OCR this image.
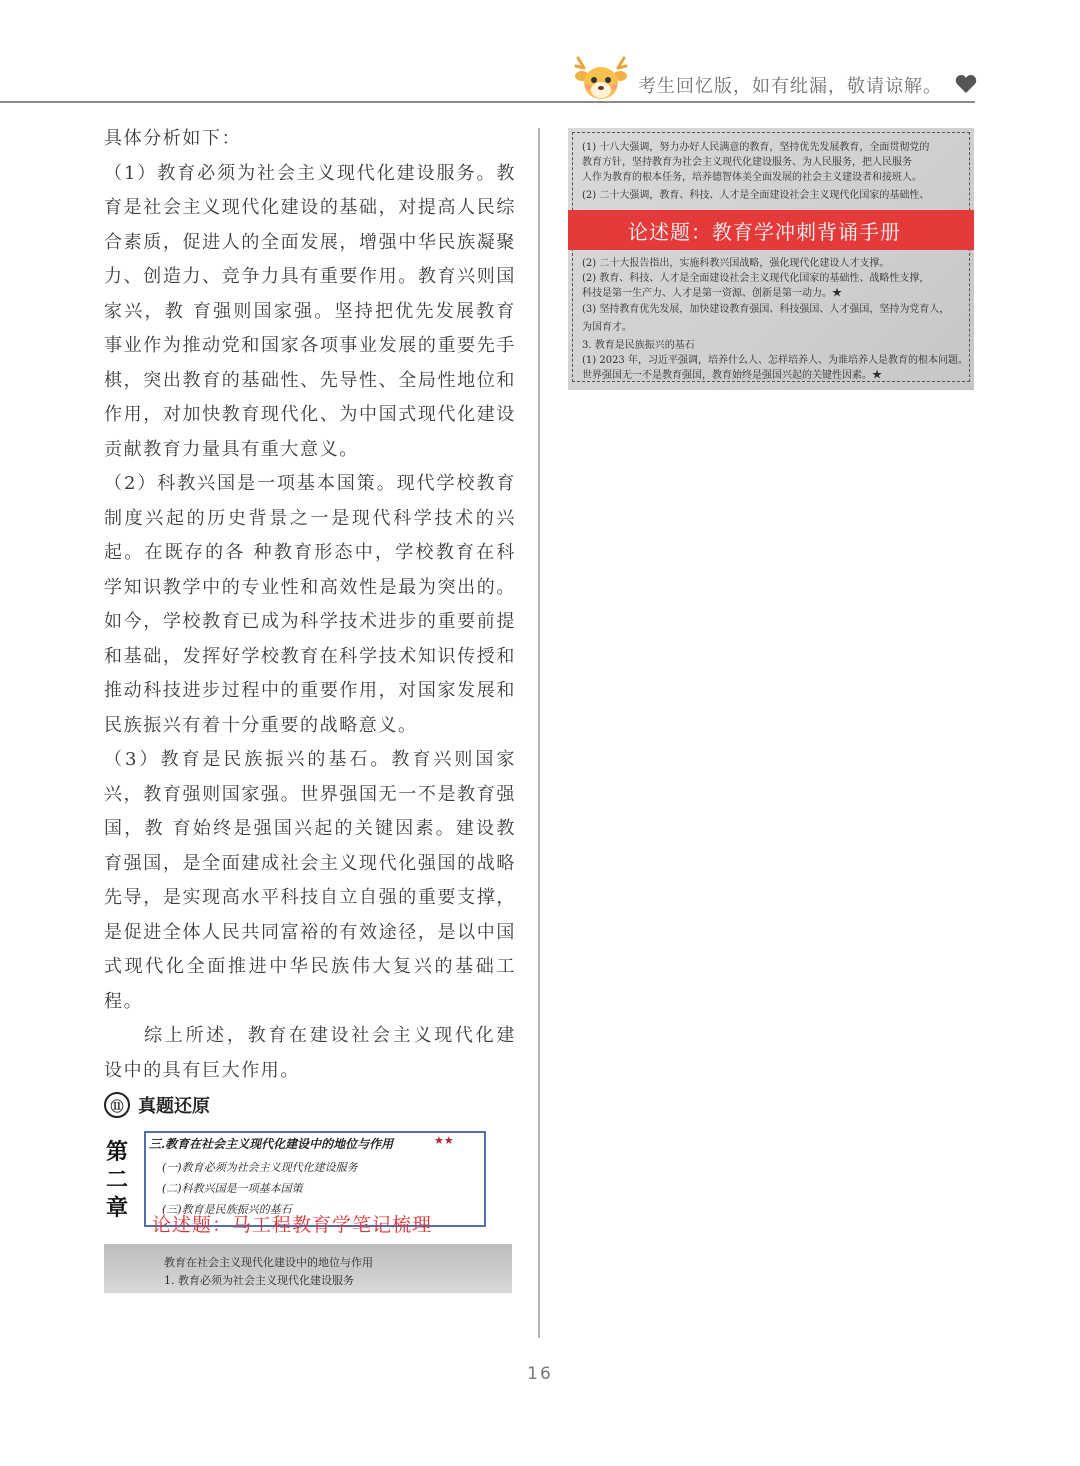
考生回忆版，如有纰漏，敬请谅解。

具体分析如下：

（1）教育必须为社会主义现代化建设服务。教育是社会主义现代化建设的基础，对提高人民综合素质，促进人的全面发展，增强中华民族凝聚力、创造力、竞争力具有重要作用。教育兴则国家兴，教 育强则国家强。坚持把优先发展教育事业作为推动党和国家各项事业发展的重要先手棋，突出教育的基础性、先导性、全局性地位和作用，对加快教育现代化、为中国式现代化建设贡献教育力量具有重大意义。

（2）科教兴国是一项基本国策。现代学校教育制度兴起的历史背景之一是现代科学技术的兴起。在既存的各 种教育形态中，学校教育在科学知识教学中的专业性和高效性是最为突出的。如今，学校教育已成为科学技术进步的重要前提和基础，发挥好学校教育在科学技术知识传授和推动科技进步过程中的重要作用，对国家发展和民族振兴有着十分重要的战略意义。

（3）教育是民族振兴的基石。教育兴则国家兴，教育强则国家强。世界强国无一不是教育强国，教 育始终是强国兴起的关键因素。建设教育强国，是全面建成社会主义现代化强国的战略先导，是实现高水平科技自立自强的重要支撑，是促进全体人民共同富裕的有效途径，是以中国式现代化全面推进中华民族伟大复兴的基础工程。

综上所述，教育在建设社会主义现代化建设中的具有巨大作用。

⑪ 真题还原
第
二
章
三.教育在社会主义现代化建设中的地位与作用	★★
(一)教育必须为社会主义现代化建设服务
(二)科教兴国是一项基本国策
(三)教育是民族振兴的基石
论述题：马工程教育学笔记梳理
教育在社会主义现代化建设中的地位与作用
1. 教育必须为社会主义现代化建设服务
(1) 十八大强调，努力办好人民满意的教育，坚持优先发展教育，全面贯彻党的
教育方针，坚持教育为社会主义现代化建设服务、为人民服务，把人民服务
人作为教育的根本任务，培养德智体美全面发展的社会主义建设者和接班人。
(2) 二十大强调，教育、科技、人才是全面建设社会主义现代化国家的基础性、
论述题：教育学冲刺背诵手册
(2) 二十大报告指出，实施科教兴国战略，强化现代化建设人才支撑。
(2) 教育、科技、人才是全面建设社会主义现代化国家的基础性、战略性支撑，
科技是第一生产力、人才是第一资源、创新是第一动力。★
(3) 坚持教育优先发展，加快建设教育强国、科技强国、人才强国，坚持为党育人，
为国育才。
3. 教育是民族振兴的基石
(1) 2023 年，习近平强调，培养什么人、怎样培养人、为谁培养人是教育的根本问题。
世界强国无一不是教育强国，教育始终是强国兴起的关键性因素。★
16
